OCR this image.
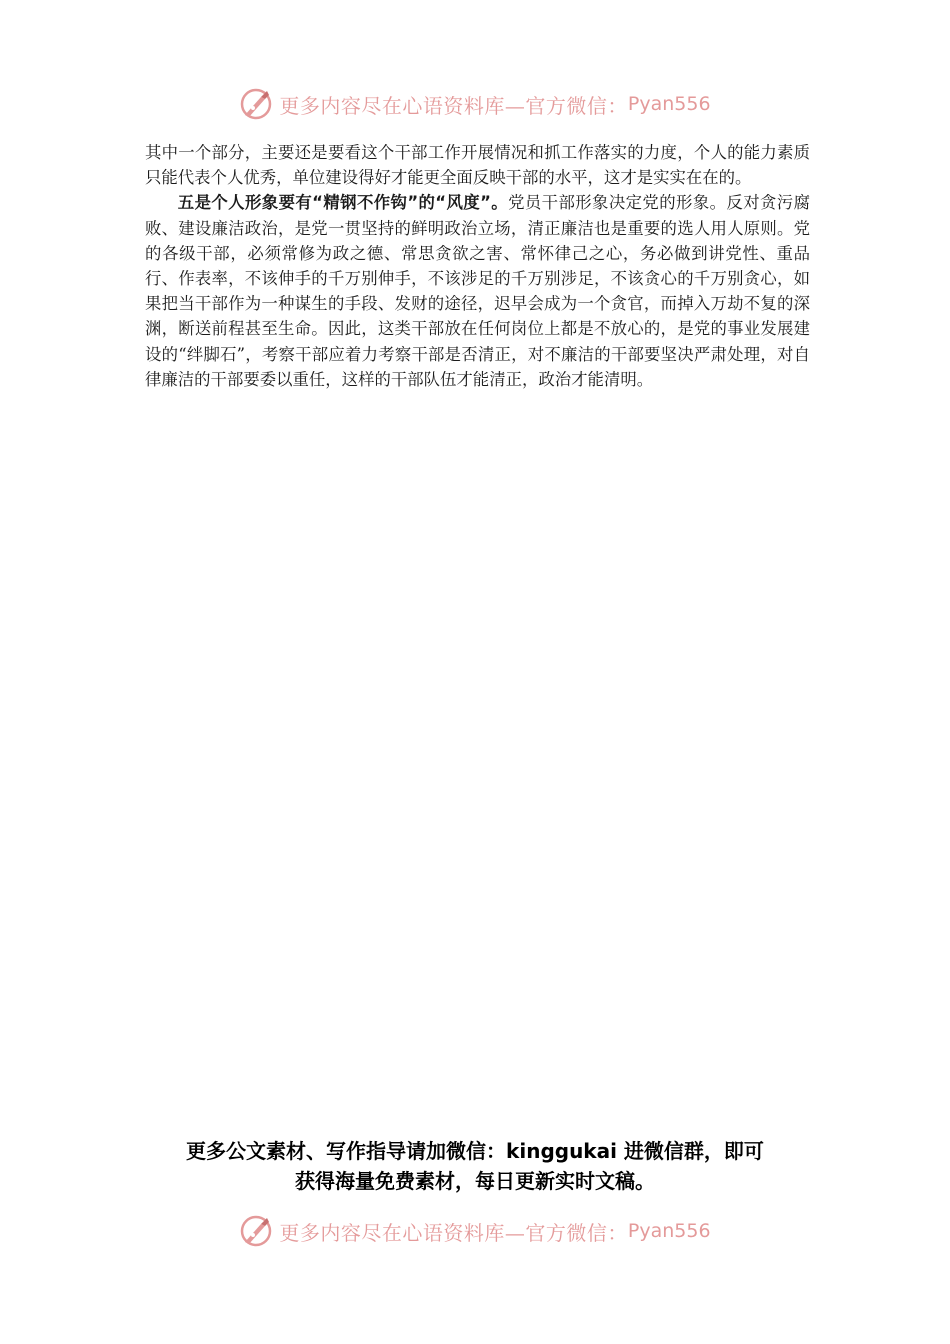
更多内容尽在心语资料库—官方微信： Pyan556

其中一个部分，主要还是要看这个干部工作开展情况和抓工作落实的力度，个人的能力素质只能代表个人优秀，单位建设得好才能更全面反映干部的水平，这才是实实在在的。

五是个人形象要有“精钢不作钩”的“风度”。党员干部形象决定党的形象。反对贪污腐败、建设廉洁政治，是党一贯坚持的鲜明政治立场，清正廉洁也是重要的选人用人原则。党的各级干部，必须常修为政之德、常思贪欲之害、常怀律己之心，务必做到讲党性、重品行、作表率，不该伸手的千万别伸手，不该涉足的千万别涉足，不该贪心的千万别贪心，如果把当干部作为一种谋生的手段、发财的途径，迟早会成为一个贪官，而掉入万劫不复的深渊，断送前程甚至生命。因此，这类干部放在任何岗位上都是不放心的，是党的事业发展建设的“绊脚石”，考察干部应着力考察干部是否清正，对不廉洁的干部要坚决严肃处理，对自律廉洁的干部要委以重任，这样的干部队伍才能清正，政治才能清明。

更多公文素材、写作指导请加微信：kinggukai 进微信群，即可
获得海量免费素材，每日更新实时文稿。
更多内容尽在心语资料库—官方微信： Pyan556
